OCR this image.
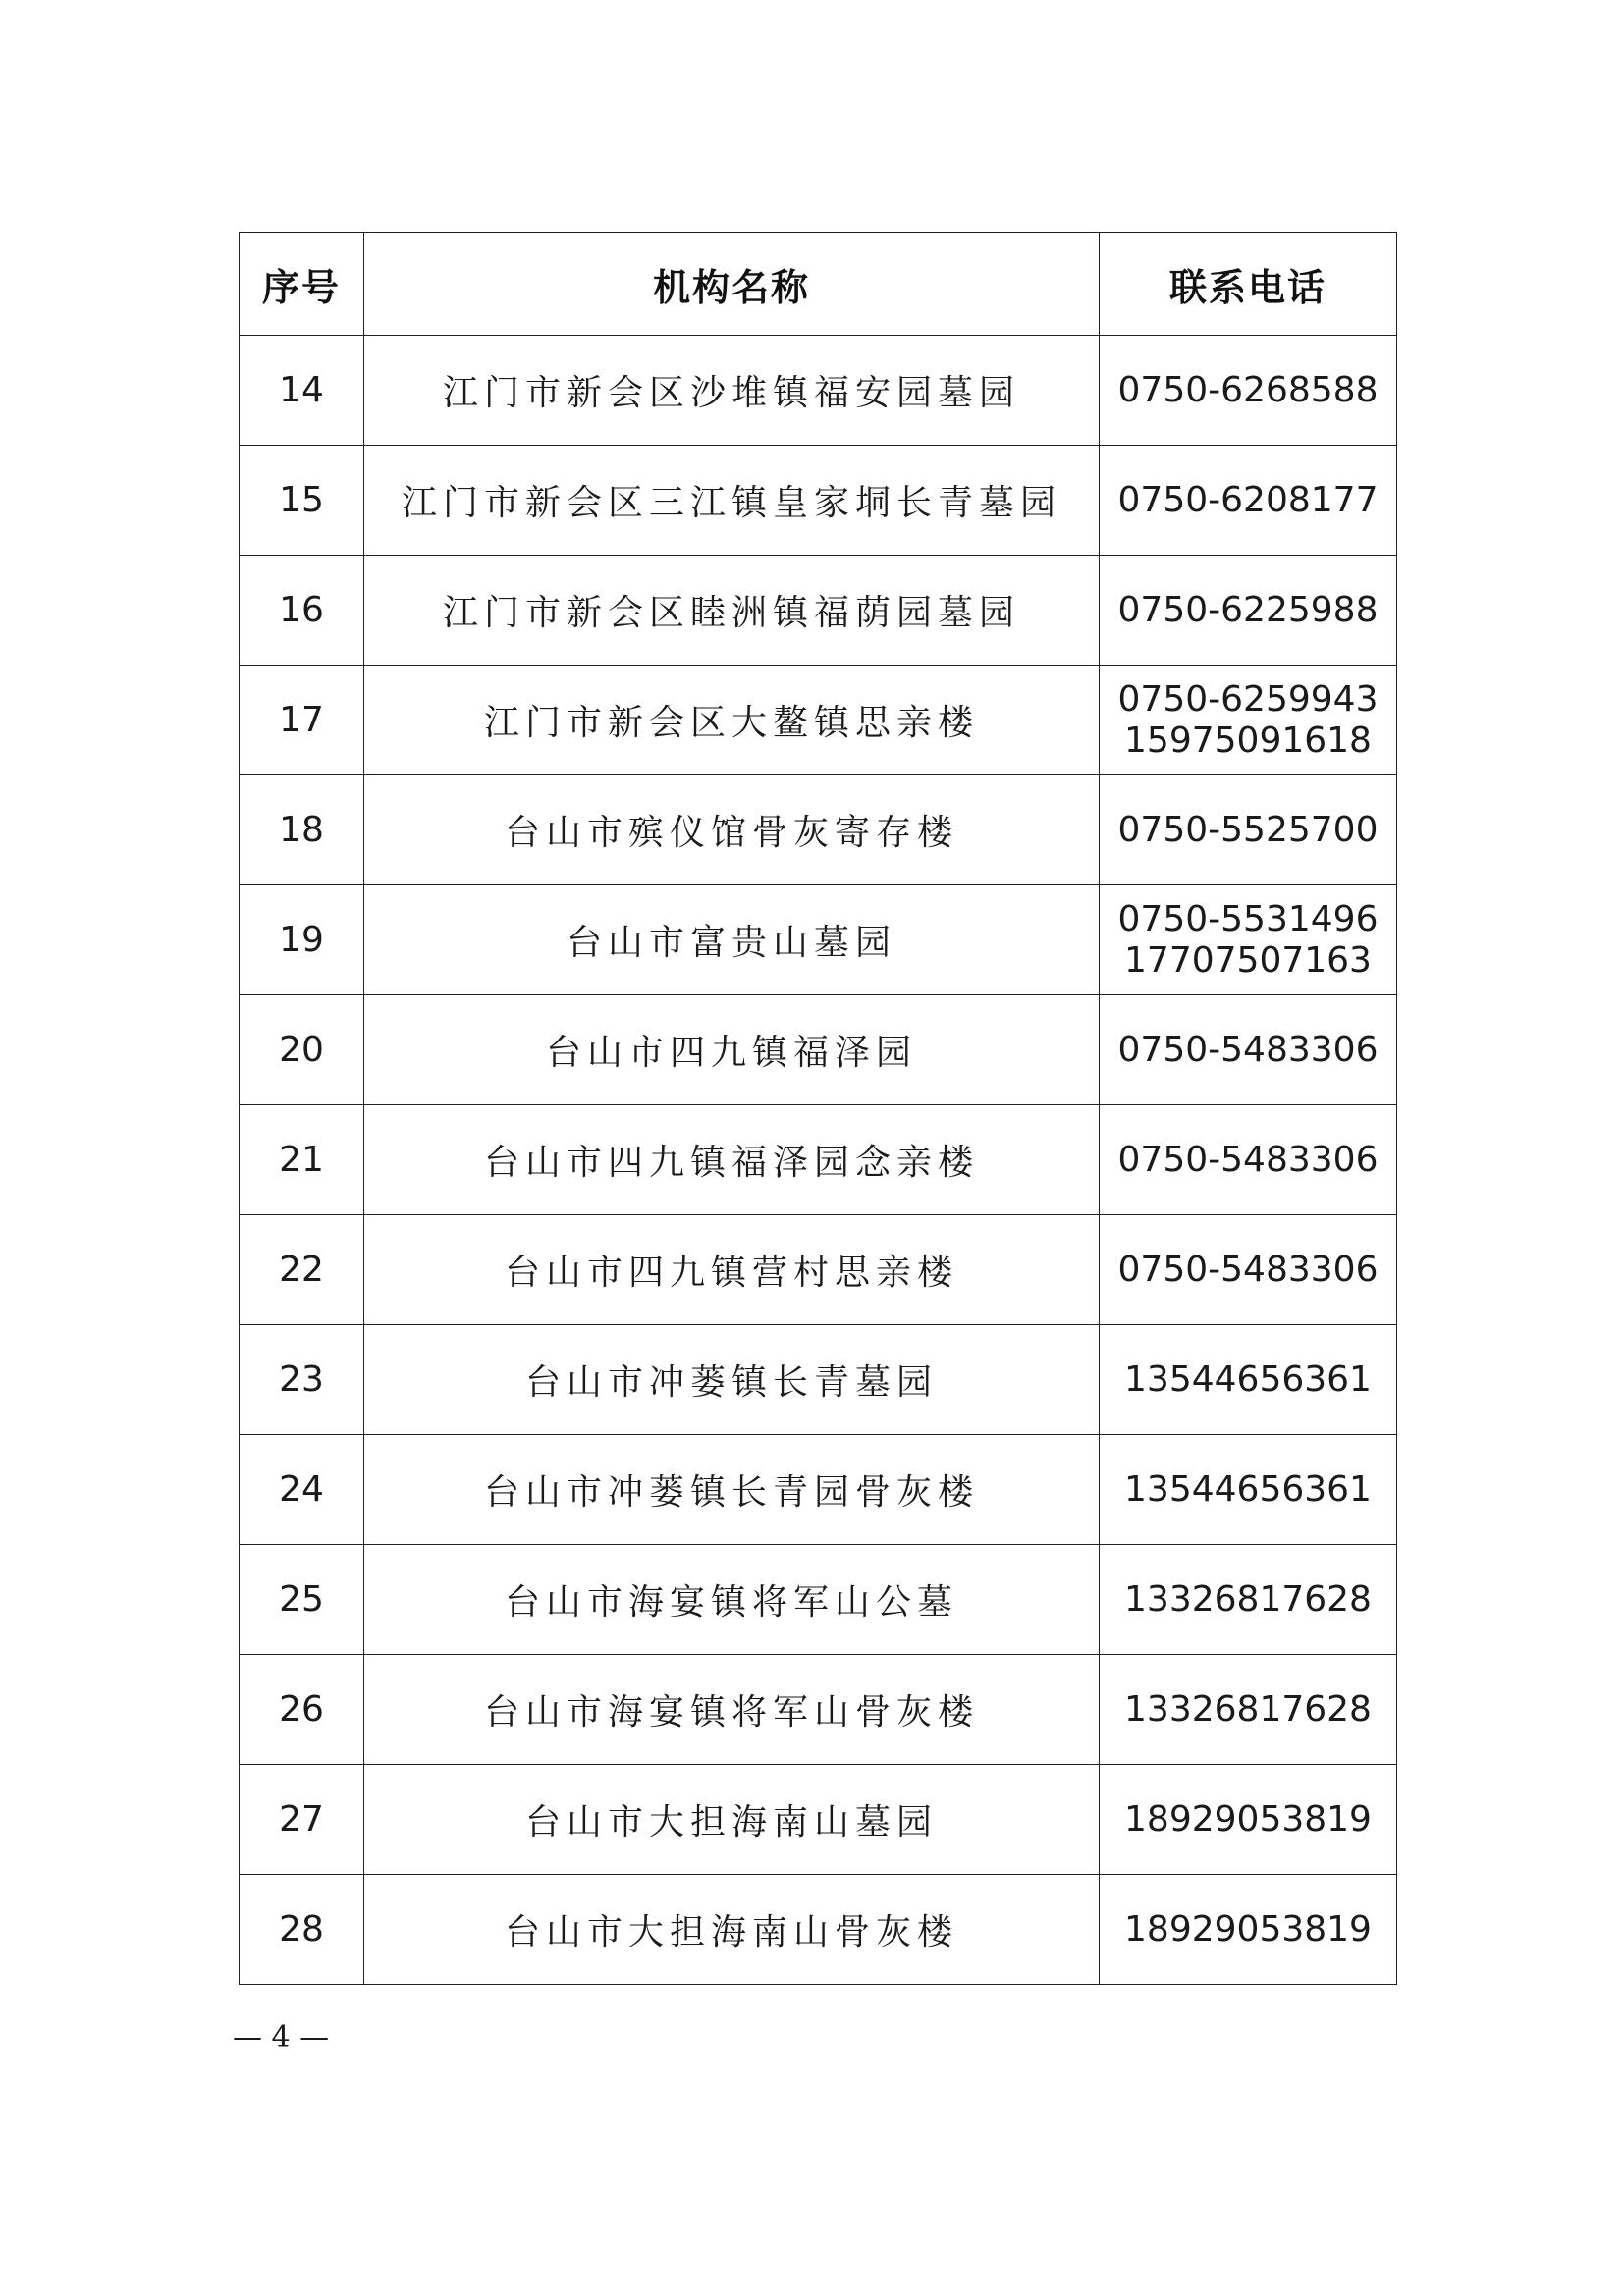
序号	机构名称	联系电话
14	江门市新会区沙堆镇福安园墓园	0750-6268588

15	江门市新会区三江镇皇家垌长青墓园	0750-6208177

16	江门市新会区睦洲镇福荫园墓园	0750-6225988

17	江门市新会区大鳌镇思亲楼	0750-6259943
15975091618

18	台山市殡仪馆骨灰寄存楼	0750-5525700

19	台山市富贵山墓园	0750-5531496
17707507163

20	台山市四九镇福泽园	0750-5483306

21	台山市四九镇福泽园念亲楼	0750-5483306

22	台山市四九镇营村思亲楼	0750-5483306

23	台山市冲蒌镇长青墓园	13544656361

24	台山市冲蒌镇长青园骨灰楼	13544656361

25	台山市海宴镇将军山公墓	13326817628

26	台山市海宴镇将军山骨灰楼	13326817628

27	台山市大担海南山墓园	18929053819

28	台山市大担海南山骨灰楼	18929053819
— 4 —
